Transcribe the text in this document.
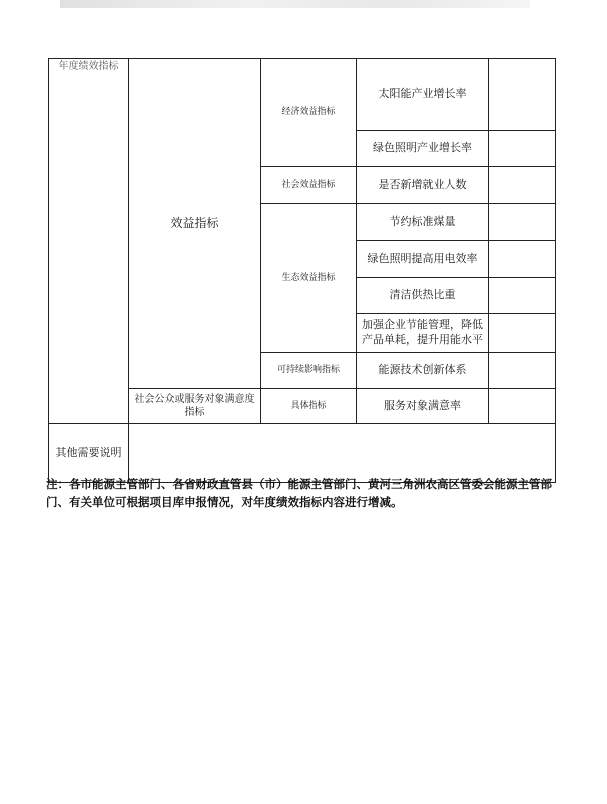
年度绩效指标	效益指标	经济效益指标	太阳能产业增长率	
			绿色照明产业增长率	
		社会效益指标	是否新增就业人数	
		生态效益指标	节约标准煤量	
			绿色照明提高用电效率	
			清洁供热比重	
			加强企业节能管理，降低产品单耗，提升用能水平	
		可持续影响指标	能源技术创新体系	

	社会公众或服务对象满意度指标	具体指标	服务对象满意率	
其他需要说明				

注：各市能源主管部门、各省财政直管县（市）能源主管部门、黄河三角洲农高区管委会能源主管部门、有关单位可根据项目库申报情况，对年度绩效指标内容进行增减。
